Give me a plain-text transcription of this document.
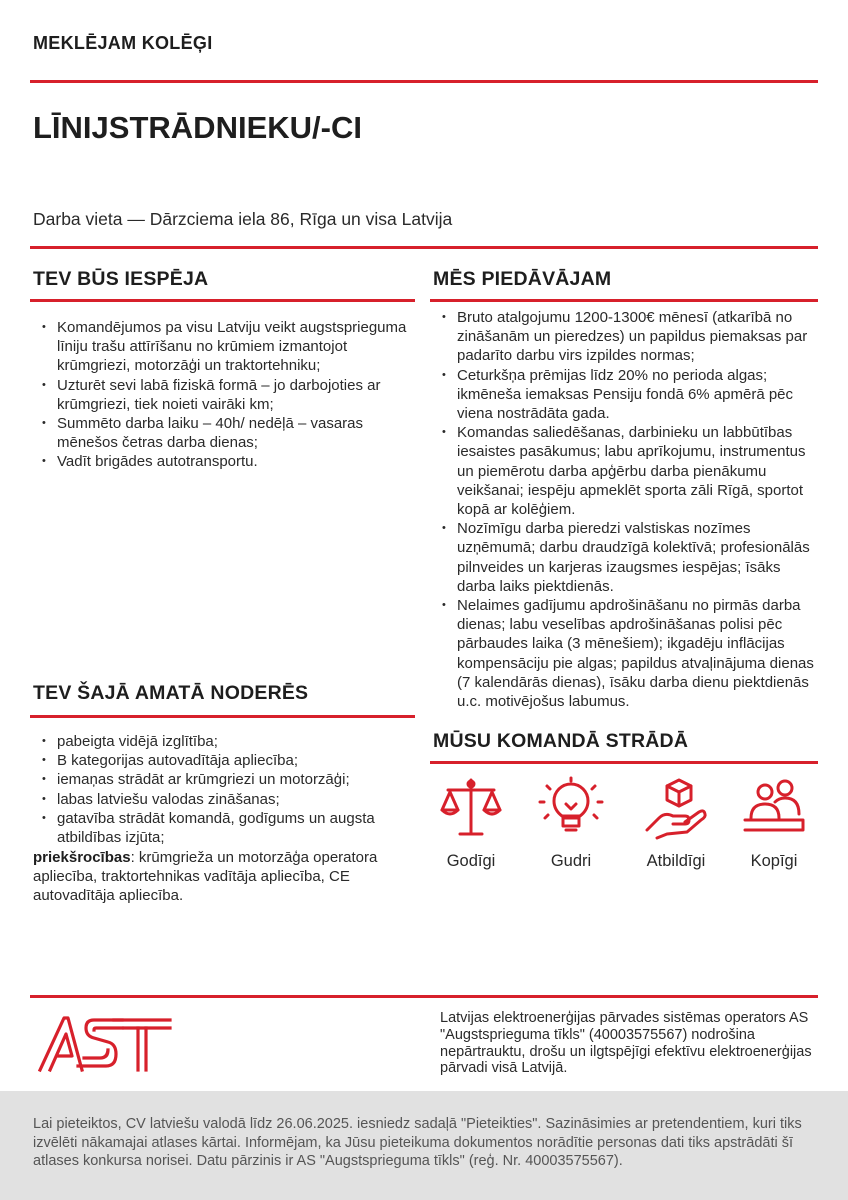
MEKLĒJAM KOLĒĢI
LĪNIJSTRĀDNIEKU/-CI
Darba vieta — Dārzciema iela 86, Rīga un visa Latvija
TEV BŪS IESPĒJA
• Komandējumos pa visu Latviju veikt augstsprieguma līniju trašu attīrīšanu no krūmiem izmantojot krūmgriezi, motorzāģi un traktortehniku;
• Uzturēt sevi labā fiziskā formā – jo darbojoties ar krūmgriezi, tiek noieti vairāki km;
• Summēto darba laiku – 40h/ nedēļā – vasaras mēnešos četras darba dienas;
• Vadīt brigādes autotransportu.
TEV ŠAJĀ AMATĀ NODERĒS
• pabeigta vidējā izglītība;
• B kategorijas autovadītāja apliecība;
• iemaņas strādāt ar krūmgriezi un motorzāģi;
• labas latviešu valodas zināšanas;
• gatavība strādāt komandā, godīgums un augsta atbildības izjūta;

priekšrocības: krūmgrieža un motorzāģa operatora apliecība, traktortehnikas vadītāja apliecība, CE autovadītāja apliecība.

MĒS PIEDĀVĀJAM
• Bruto atalgojumu 1200-1300€ mēnesī (atkarībā no zināšanām un pieredzes) un papildus piemaksas par padarīto darbu virs izpildes normas;
• Ceturkšņa prēmijas līdz 20% no perioda algas; ikmēneša iemaksas Pensiju fondā 6% apmērā pēc viena nostrādāta gada.
• Komandas saliedēšanas, darbinieku un labbūtības iesaistes pasākumus; labu aprīkojumu, instrumentus un piemērotu darba apģērbu darba pienākumu veikšanai; iespēju apmeklēt sporta zāli Rīgā, sportot kopā ar kolēģiem.
• Nozīmīgu darba pieredzi valstiskas nozīmes uzņēmumā; darbu draudzīgā kolektīvā; profesionālās pilnveides un karjeras izaugsmes iespējas; īsāks darba laiks piektdienās.
• Nelaimes gadījumu apdrošināšanu no pirmās darba dienas; labu veselības apdrošināšanas polisi pēc pārbaudes laika (3 mēnešiem); ikgadēju inflācijas kompensāciju pie algas; papildus atvaļinājuma dienas (7 kalendārās dienas), īsāku darba dienu piektdienās u.c. motivējošus labumus.
MŪSU KOMANDĀ STRĀDĀ
Godīgi	Gudri	Atbildīgi	Kopīgi

Latvijas elektroenerģijas pārvades sistēmas operators AS "Augstsprieguma tīkls" (40003575567) nodrošina nepārtrauktu, drošu un ilgtspējīgi efektīvu elektroenerģijas pārvadi visā Latvijā.

Lai pieteiktos, CV latviešu valodā līdz 26.06.2025. iesniedz sadaļā "Pieteikties". Sazināsimies ar pretendentiem, kuri tiks izvēlēti nākamajai atlases kārtai. Informējam, ka Jūsu pieteikuma dokumentos norādītie personas dati tiks apstrādāti šī atlases konkursa norisei. Datu pārzinis ir AS "Augstsprieguma tīkls" (reģ. Nr. 40003575567).
